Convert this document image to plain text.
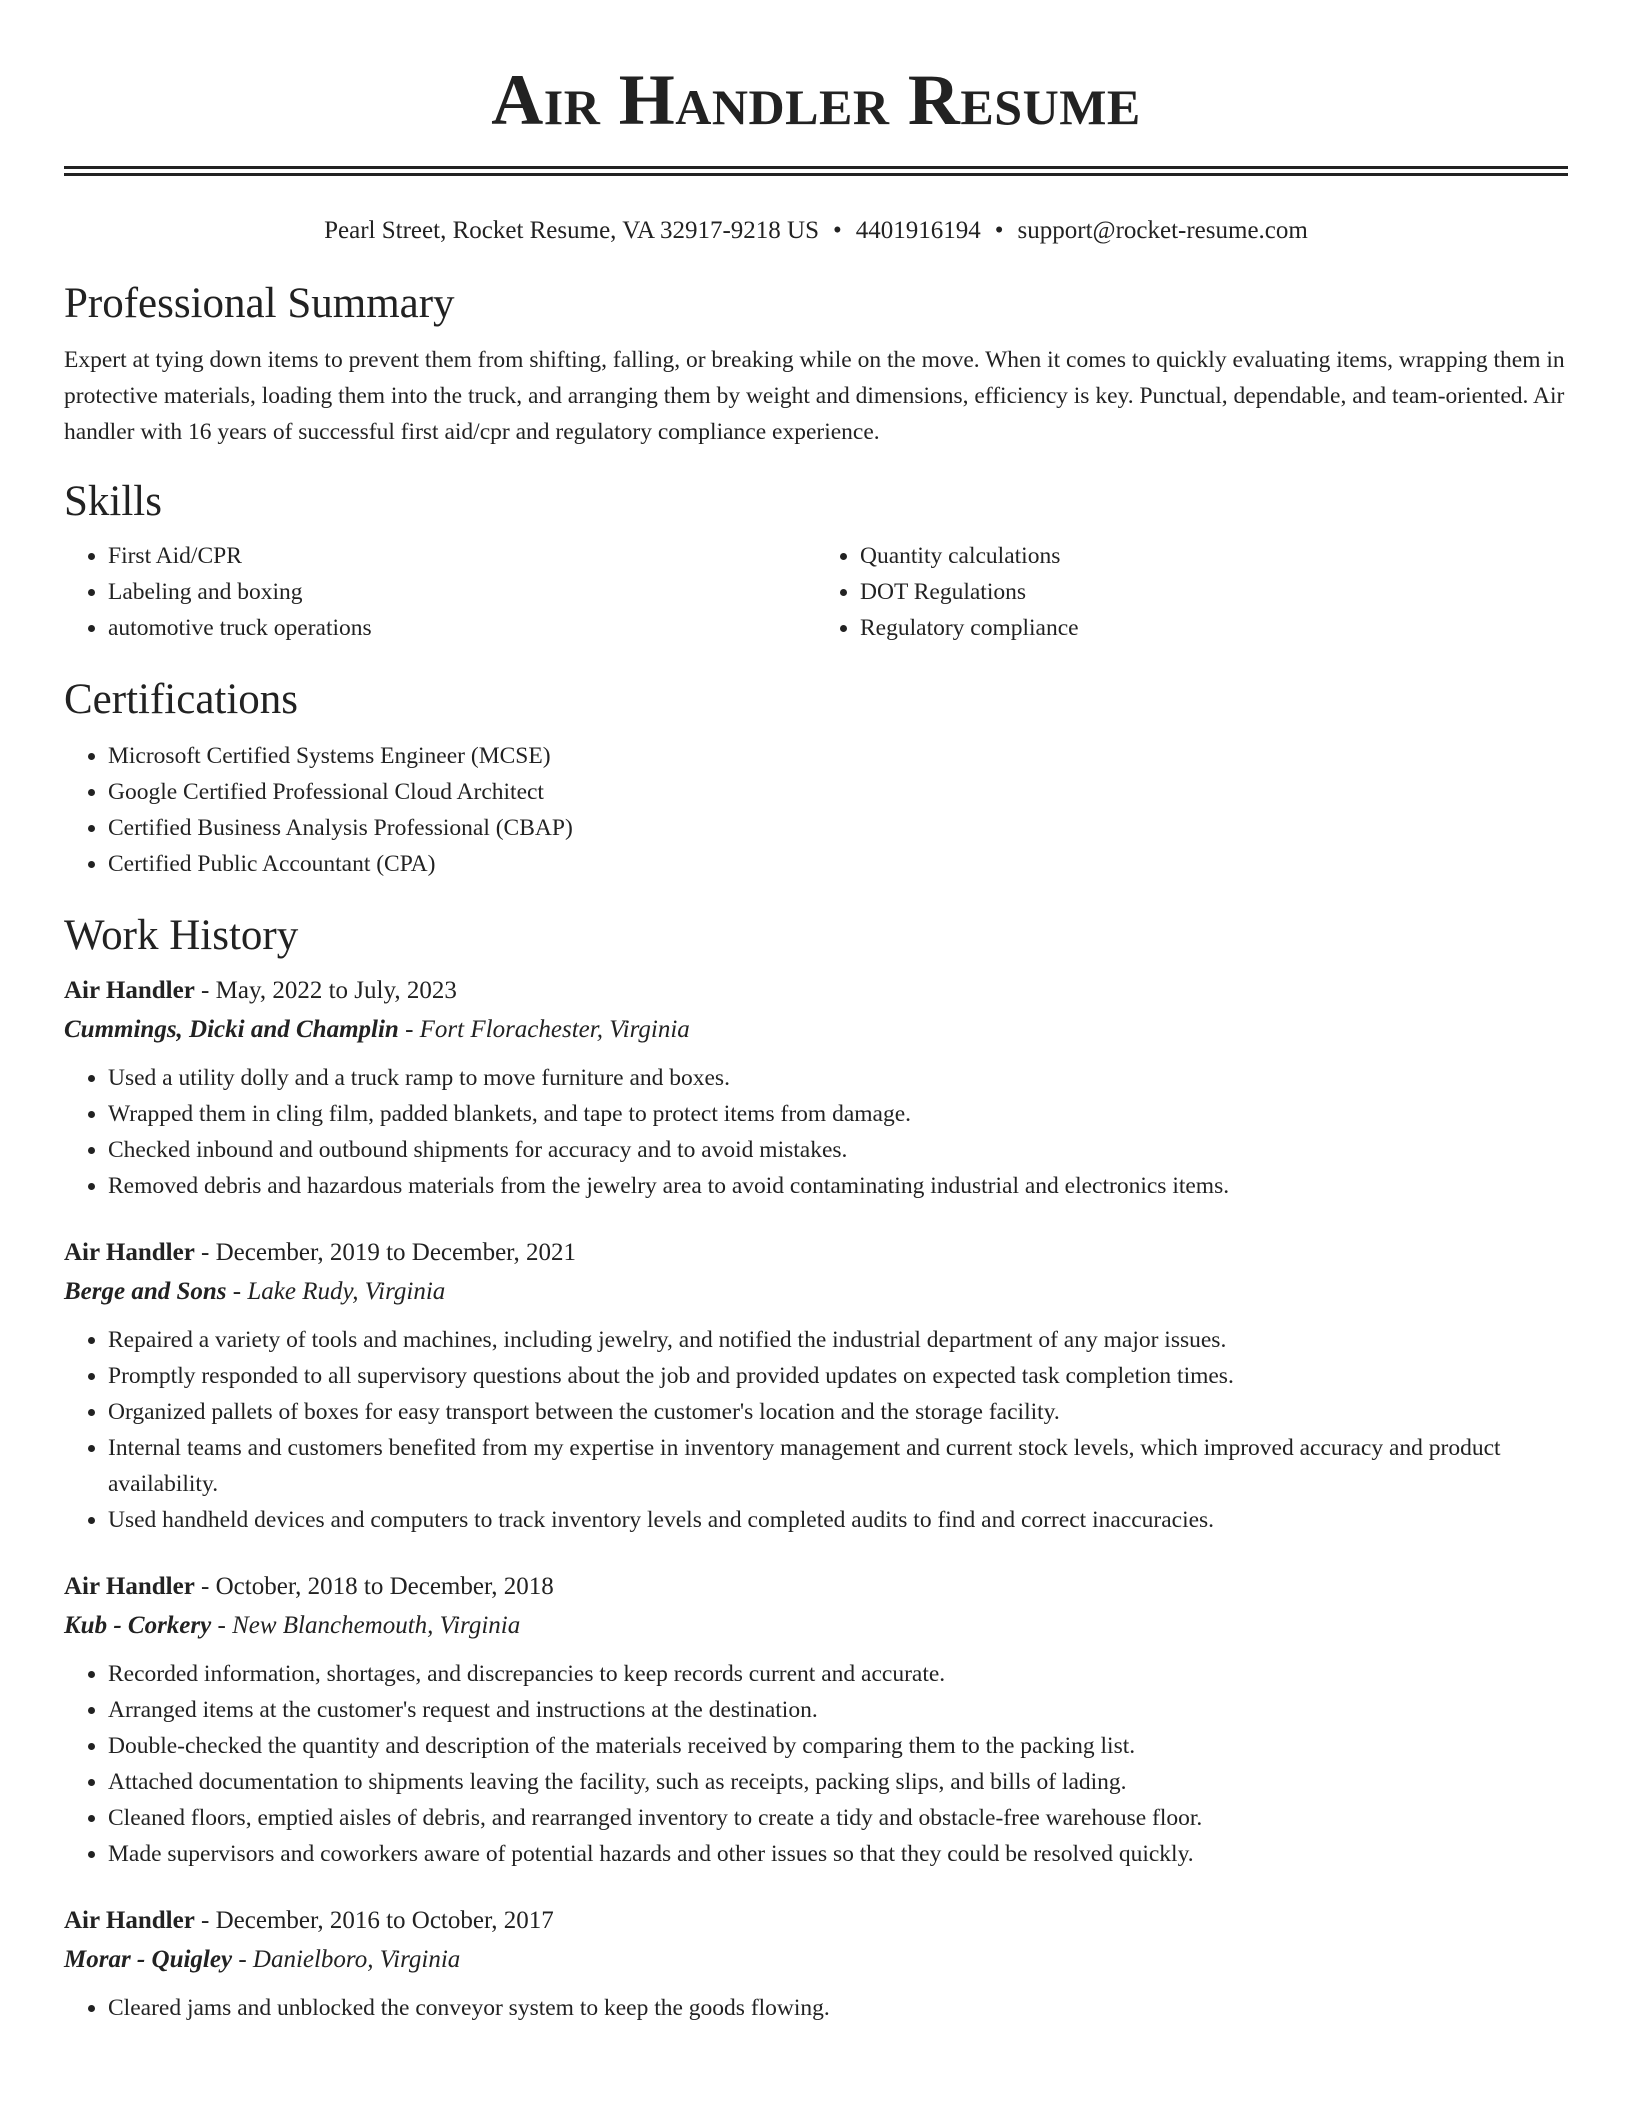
Air Handler Resume
Pearl Street, Rocket Resume, VA 32917-9218 US • 4401916194 • support@rocket-resume.com
Professional Summary

Expert at tying down items to prevent them from shifting, falling, or breaking while on the move. When it comes to quickly evaluating items, wrapping them in protective materials, loading them into the truck, and arranging them by weight and dimensions, efficiency is key. Punctual, dependable, and team-oriented. Air handler with 16 years of successful first aid/cpr and regulatory compliance experience.

Skills
• First Aid/CPR
• Labeling and boxing
• automotive truck operations
• Quantity calculations
• DOT Regulations
• Regulatory compliance
Certifications
• Microsoft Certified Systems Engineer (MCSE)
• Google Certified Professional Cloud Architect
• Certified Business Analysis Professional (CBAP)
• Certified Public Accountant (CPA)
Work History

Air Handler - May, 2022 to July, 2023

Cummings, Dicki and Champlin - Fort Florachester, Virginia

• Used a utility dolly and a truck ramp to move furniture and boxes.
• Wrapped them in cling film, padded blankets, and tape to protect items from damage.
• Checked inbound and outbound shipments for accuracy and to avoid mistakes.
• Removed debris and hazardous materials from the jewelry area to avoid contaminating industrial and electronics items.

Air Handler - December, 2019 to December, 2021

Berge and Sons - Lake Rudy, Virginia

• Repaired a variety of tools and machines, including jewelry, and notified the industrial department of any major issues.
• Promptly responded to all supervisory questions about the job and provided updates on expected task completion times.
• Organized pallets of boxes for easy transport between the customer's location and the storage facility.
• Internal teams and customers benefited from my expertise in inventory management and current stock levels, which improved accuracy and product availability.
• Used handheld devices and computers to track inventory levels and completed audits to find and correct inaccuracies.

Air Handler - October, 2018 to December, 2018

Kub - Corkery - New Blanchemouth, Virginia

• Recorded information, shortages, and discrepancies to keep records current and accurate.
• Arranged items at the customer's request and instructions at the destination.
• Double-checked the quantity and description of the materials received by comparing them to the packing list.
• Attached documentation to shipments leaving the facility, such as receipts, packing slips, and bills of lading.
• Cleaned floors, emptied aisles of debris, and rearranged inventory to create a tidy and obstacle-free warehouse floor.
• Made supervisors and coworkers aware of potential hazards and other issues so that they could be resolved quickly.

Air Handler - December, 2016 to October, 2017

Morar - Quigley - Danielboro, Virginia

• Cleared jams and unblocked the conveyor system to keep the goods flowing.
